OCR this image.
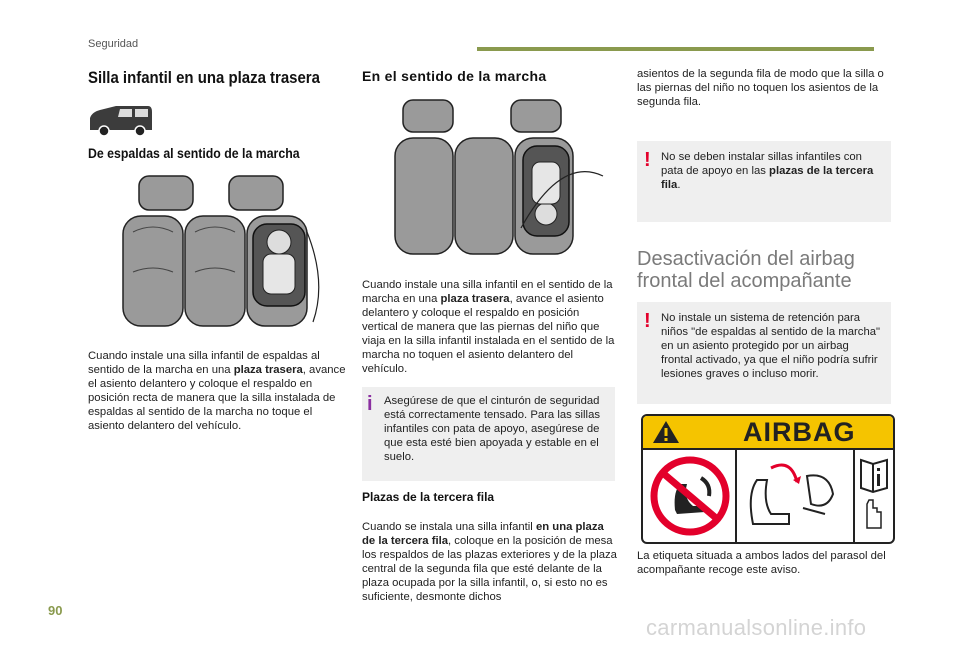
Seguridad
Silla infantil en una plaza trasera
De espaldas al sentido de la marcha
Cuando instale una silla infantil de espaldas al sentido de la marcha en una plaza trasera, avance el asiento delantero y coloque el respaldo en posición recta de manera que la silla instalada de espaldas al sentido de la marcha no toque el asiento delantero del vehículo.
En el sentido de la marcha
Cuando instale una silla infantil en el sentido de la marcha en una plaza trasera, avance el asiento delantero y coloque el respaldo en posición vertical de manera que las piernas del niño que viaja en la silla infantil instalada en el sentido de la marcha no toquen el asiento delantero del vehículo.
i Asegúrese de que el cinturón de seguridad está correctamente tensado. Para las sillas infantiles con pata de apoyo, asegúrese de que esta esté bien apoyada y estable en el suelo.
Plazas de la tercera fila
Cuando se instala una silla infantil en una plaza de la tercera fila, coloque en la posición de mesa los respaldos de las plazas exteriores y de la plaza central de la segunda fila que esté delante de la plaza ocupada por la silla infantil, o, si esto no es suficiente, desmonte dichos
asientos de la segunda fila de modo que la silla o las piernas del niño no toquen los asientos de la segunda fila.
! No se deben instalar sillas infantiles con pata de apoyo en las plazas de la tercera fila.
Desactivación del airbag frontal del acompañante
! No instale un sistema de retención para niños "de espaldas al sentido de la marcha" en un asiento protegido por un airbag frontal activado, ya que el niño podría sufrir lesiones graves o incluso morir.
AIRBAG
La etiqueta situada a ambos lados del parasol del acompañante recoge este aviso.
90
carmanualsonline.info
